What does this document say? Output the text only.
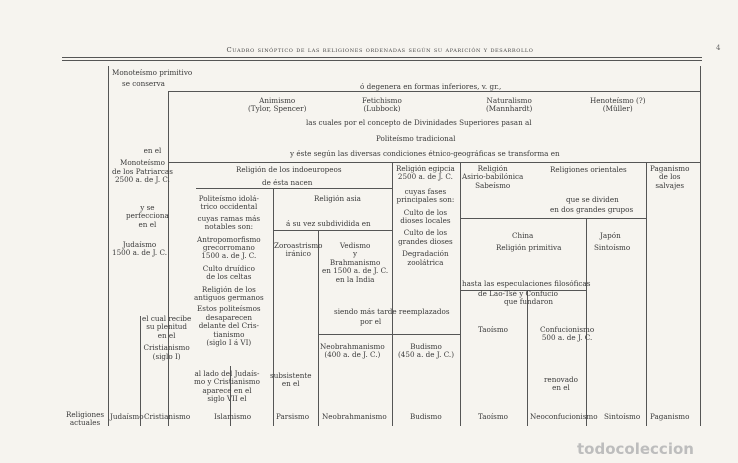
Cuadro sinóptico de las religiones ordenadas según su aparición y desarrollo	4
Monoteísmo primitivo
se conserva	ó degenera en formas inferiores, v. gr.,
Animismo
(Tylor, Spencer)
Fetichismo
(Lubbock)
Naturalismo
(Mannhardt)
Henoteísmo (?)
(Müller)
las cuales por el concepto de Divinidades Superiores pasan al
Politeísmo tradicional
y éste según las diversas condiciones étnico-geográficas se transforma en
en el
Monoteísmo
de los Patriarcas
2500 a. de J. C.
y se
perfecciona
en el
Judaísmo
1500 a. de J. C.
Religión de los indoeuropeos
de ésta nacen
Politeísmo idolá-
trico occidental
cuyas ramas más
notables son:
Antropomorfismo
grecorromano
1500 a. de J. C.
Culto druídico
de los celtas
Religión de los
antiguos germanos
Estos politeísmos
desaparecen
delante del Cris-
tianismo
(siglo I á VI)
Religión asia
á su vez subdividida en
Zoroastrismo
iránico
Vedismo
y
Brahmanismo
en 1500 a. de J. C.
en la India
siendo más tarde reemplazados
por el
Neobrahmanismo
(400 a. de J. C.)
Budismo
(450 a. de J. C.)
Religión egipcia
2500 a. de J. C.
cuyas fases
principales son:
Culto de los
dioses locales
Culto de los
grandes dioses
Degradación
zoolátrica
Religión
Asirio-babilónica
Sabeísmo
Religiones orientales
que se dividen
en dos grandes grupos
China
Religión primitiva
hasta las especulaciones filosóficas
de Lao-Tsé y Confucio
que fundaron
Taoísmo	Confucionismo
500 a. de J. C.
renovado
en el
Japón
Sintoísmo
Paganismo
de los
salvajes
el cual recibe
su plenitud
en el
Cristianismo
(siglo I)
al lado del Judaís-
mo y Cristianismo
aparece en el
siglo VII el
subsistente
en el
Religiones
actuales
Judaísmo Cristianismo	Islamismo	Parsismo Neobrahmanismo	Budismo	Taoísmo	Neoconfucionismo Sintoísmo Paganismo
todocoleccion
